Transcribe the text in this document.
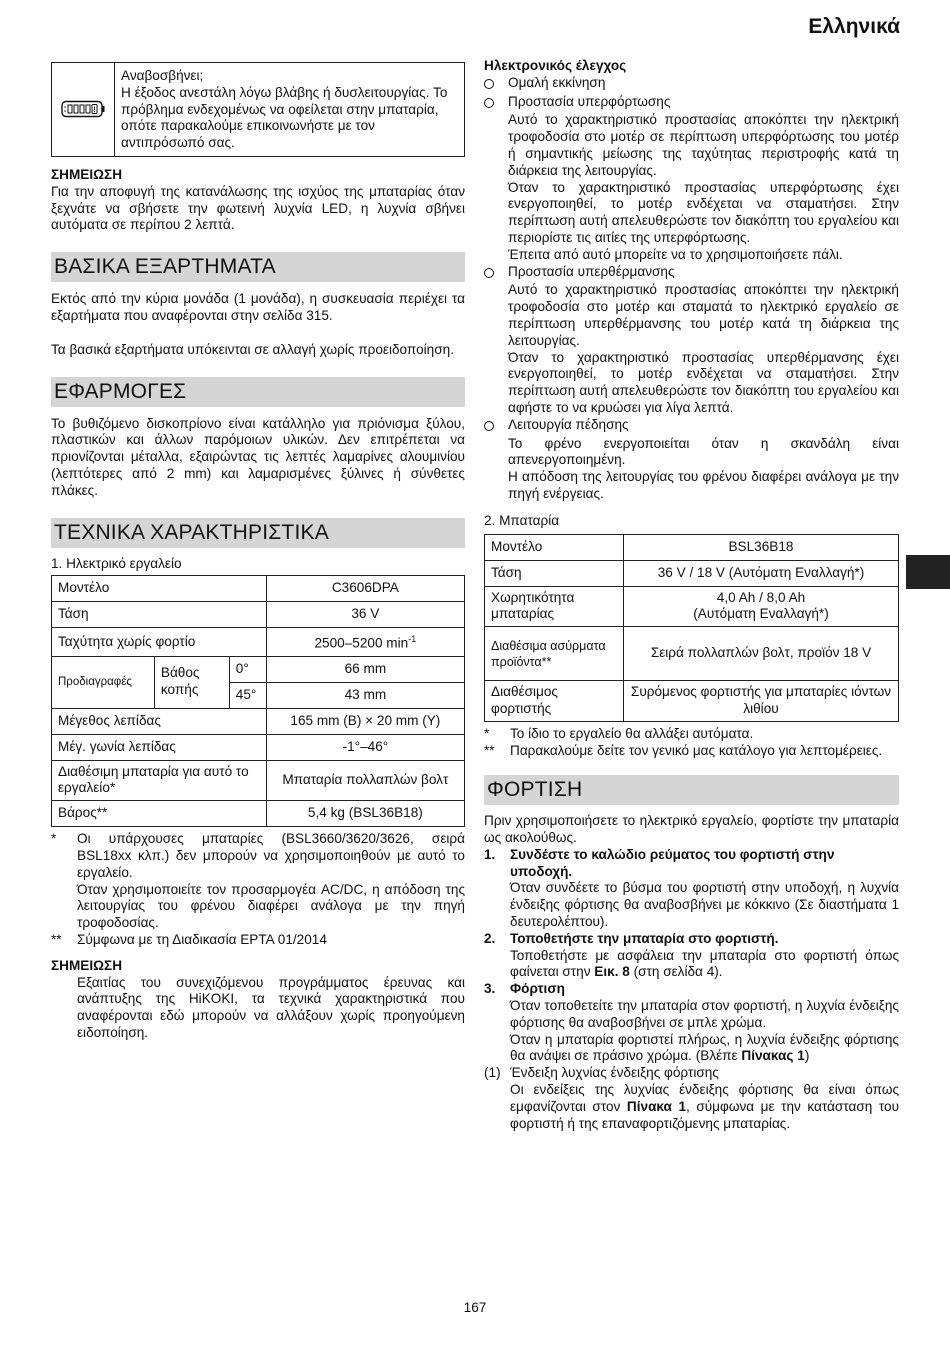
Ελληνικά
Αναβοσβήνει;
Η έξοδος ανεστάλη λόγω βλάβης ή δυσλειτουργίας. Το πρόβλημα ενδεχομένως να οφείλεται στην μπαταρία, οπότε παρακαλούμε επικοινωνήστε με τον αντιπρόσωπό σας.

ΣΗΜΕΙΩΣΗ

Για την αποφυγή της κατανάλωσης της ισχύος της μπαταρίας όταν ξεχνάτε να σβήσετε την φωτεινή λυχνία LED, η λυχνία σβήνει αυτόματα σε περίπου 2 λεπτά.

ΒΑΣΙΚΑ ΕΞΑΡΤΗΜΑΤΑ

Εκτός από την κύρια μονάδα (1 μονάδα), η συσκευασία περιέχει τα εξαρτήματα που αναφέρονται στην σελίδα 315.

Τα βασικά εξαρτήματα υπόκεινται σε αλλαγή χωρίς προειδοποίηση.

ΕΦΑΡΜΟΓΕΣ

Το βυθιζόμενο δισκοπρίονο είναι κατάλληλο για πριόνισμα ξύλου, πλαστικών και άλλων παρόμοιων υλικών. Δεν επιτρέπεται να πριονίζονται μέταλλα, εξαιρώντας τις λεπτές λαμαρίνες αλουμινίου (λεπτότερες από 2 mm) και λαμαρισμένες ξύλινες ή σύνθετες πλάκες.

ΤΕΧΝΙΚΑ ΧΑΡΑΚΤΗΡΙΣΤΙΚΑ

1. Ηλεκτρικό εργαλείο

Μοντέλο			C3606DPA
Τάση			36 V
Ταχύτητα χωρίς φορτίο			2500–5200 $\min^{-1}$
Προδιαγραφές	Βάθος κοπής	0°	66 mm
		45°	43 mm
Μέγεθος λεπίδας			165 mm (B) × 20 mm (Y)
Μέγ. γωνία λεπίδας			-1°–46°
Διαθέσιμη μπαταρία για αυτό το εργαλείο*			Μπαταρία πολλαπλών βολτ
Βάρος**			5,4 kg (BSL36B18)
*	Οι υπάρχουσες μπαταρίες (BSL3660/3620/3626, σειρά BSL18xx κλπ.) δεν μπορούν να χρησιμοποιηθούν με αυτό το εργαλείο.

Όταν χρησιμοποιείτε τον προσαρμογέα AC/DC, η απόδοση της λειτουργίας του φρένου διαφέρει ανάλογα με την πηγή τροφοδοσίας.

**	Σύμφωνα με τη Διαδικασία EPTA 01/2014

ΣΗΜΕΙΩΣΗ

Εξαιτίας του συνεχιζόμενου προγράμματος έρευνας και ανάπτυξης της HiKOKI, τα τεχνικά χαρακτηριστικά που αναφέρονται εδώ μπορούν να αλλάξουν χωρίς προηγούμενη ειδοποίηση.

Ηλεκτρονικός έλεγχος

Ομαλή εκκίνηση
Προστασία υπερφόρτωσης

Αυτό το χαρακτηριστικό προστασίας αποκόπτει την ηλεκτρική τροφοδοσία στο μοτέρ σε περίπτωση υπερφόρτωσης του μοτέρ ή σημαντικής μείωσης της ταχύτητας περιστροφής κατά τη διάρκεια της λειτουργίας.

Όταν το χαρακτηριστικό προστασίας υπερφόρτωσης έχει ενεργοποιηθεί, το μοτέρ ενδέχεται να σταματήσει. Στην περίπτωση αυτή απελευθερώστε τον διακόπτη του εργαλείου και περιορίστε τις αιτίες της υπερφόρτωσης.

Έπειτα από αυτό μπορείτε να το χρησιμοποιήσετε πάλι.

Προστασία υπερθέρμανσης

Αυτό το χαρακτηριστικό προστασίας αποκόπτει την ηλεκτρική τροφοδοσία στο μοτέρ και σταματά το ηλεκτρικό εργαλείο σε περίπτωση υπερθέρμανσης του μοτέρ κατά τη διάρκεια της λειτουργίας.

Όταν το χαρακτηριστικό προστασίας υπερθέρμανσης έχει ενεργοποιηθεί, το μοτέρ ενδέχεται να σταματήσει. Στην περίπτωση αυτή απελευθερώστε τον διακόπτη του εργαλείου και αφήστε το να κρυώσει για λίγα λεπτά.

Λειτουργία πέδησης

Το φρένο ενεργοποιείται όταν η σκανδάλη είναι απενεργοποιημένη.

Η απόδοση της λειτουργίας του φρένου διαφέρει ανάλογα με την πηγή ενέργειας.

2. Μπαταρία

Μοντέλο	BSL36B18
Τάση	36 V / 18 V (Αυτόματη Εναλλαγή*)
Χωρητικότητα μπαταρίας	4,0 Ah / 8,0 Ah
(Αυτόματη Εναλλαγή*)
Διαθέσιμα ασύρματα προϊόντα**	Σειρά πολλαπλών βολτ, προϊόν 18 V
Διαθέσιμος φορτιστής	Συρόμενος φορτιστής για μπαταρίες ιόντων λιθίου
*	Το ίδιο το εργαλείο θα αλλάξει αυτόματα.
**	Παρακαλούμε δείτε τον γενικό μας κατάλογο για λεπτομέρειες.
ΦΟΡΤΙΣΗ

Πριν χρησιμοποιήσετε το ηλεκτρικό εργαλείο, φορτίστε την μπαταρία ως ακολούθως.

1.	Συνδέστε το καλώδιο ρεύματος του φορτιστή στην υποδοχή.

Όταν συνδέετε το βύσμα του φορτιστή στην υποδοχή, η λυχνία ένδειξης φόρτισης θα αναβοσβήνει με κόκκινο (Σε διαστήματα 1 δευτερολέπτου).

2.	Τοποθετήστε την μπαταρία στο φορτιστή.

Τοποθετήστε με ασφάλεια την μπαταρία στο φορτιστή όπως φαίνεται στην Εικ. 8 (στη σελίδα 4).

3.	Φόρτιση

Όταν τοποθετείτε την μπαταρία στον φορτιστή, η λυχνία ένδειξης φόρτισης θα αναβοσβήνει σε μπλε χρώμα.

Όταν η μπαταρία φορτιστεί πλήρως, η λυχνία ένδειξης φόρτισης θα ανάψει σε πράσινο χρώμα. (Βλέπε Πίνακας 1)

(1) Ένδειξη λυχνίας ένδειξης φόρτισης

Οι ενδείξεις της λυχνίας ένδειξης φόρτισης θα είναι όπως εμφανίζονται στον Πίνακα 1, σύμφωνα με την κατάσταση του φορτιστή ή της επαναφορτιζόμενης μπαταρίας.

167
